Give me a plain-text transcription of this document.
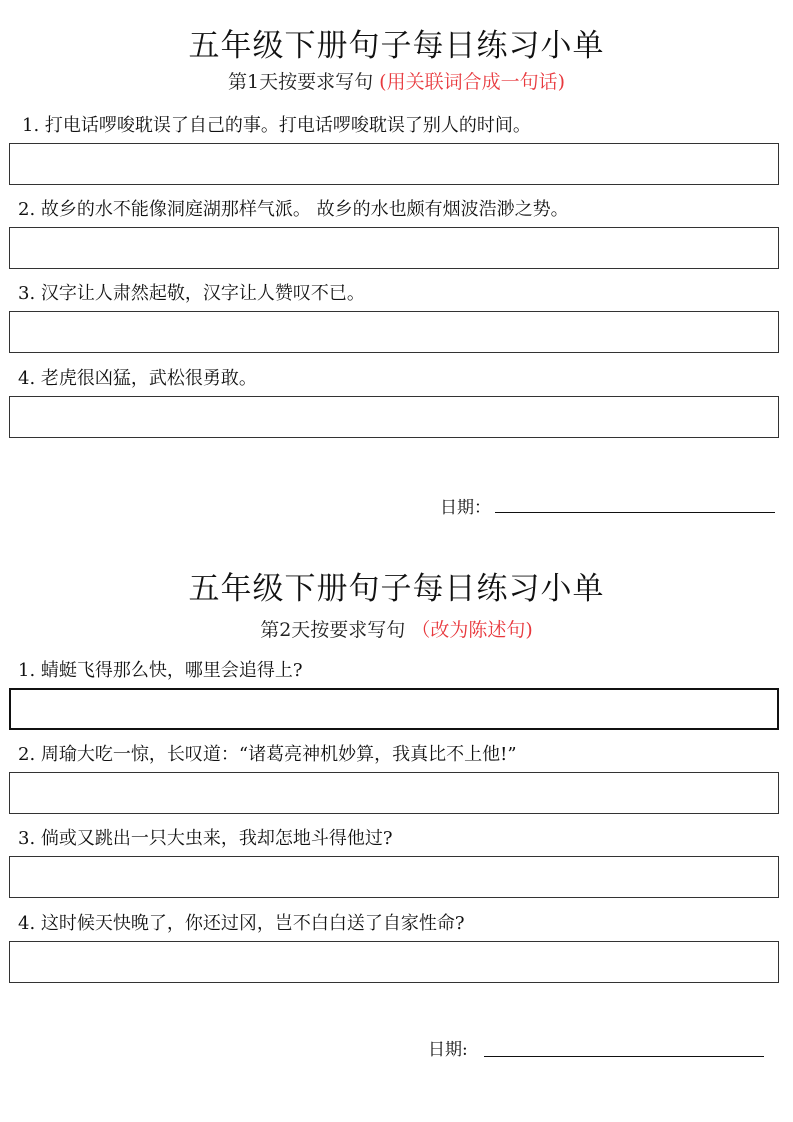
五年级下册句子每日练习小单
第1天按要求写句 (用关联词合成一句话)
1. 打电话啰唆耽误了自己的事。打电话啰唆耽误了别人的时间。
2. 故乡的水不能像洞庭湖那样气派。 故乡的水也颇有烟波浩渺之势。
3. 汉字让人肃然起敬，汉字让人赞叹不已。
4. 老虎很凶猛，武松很勇敢。
日期：
五年级下册句子每日练习小单
第2天按要求写句 （改为陈述句)
1. 蜻蜓飞得那么快，哪里会追得上?
2. 周瑜大吃一惊，长叹道：“诸葛亮神机妙算，我真比不上他!”
3. 倘或又跳出一只大虫来，我却怎地斗得他过?
4. 这时候天快晚了，你还过冈，岂不白白送了自家性命?
日期:
